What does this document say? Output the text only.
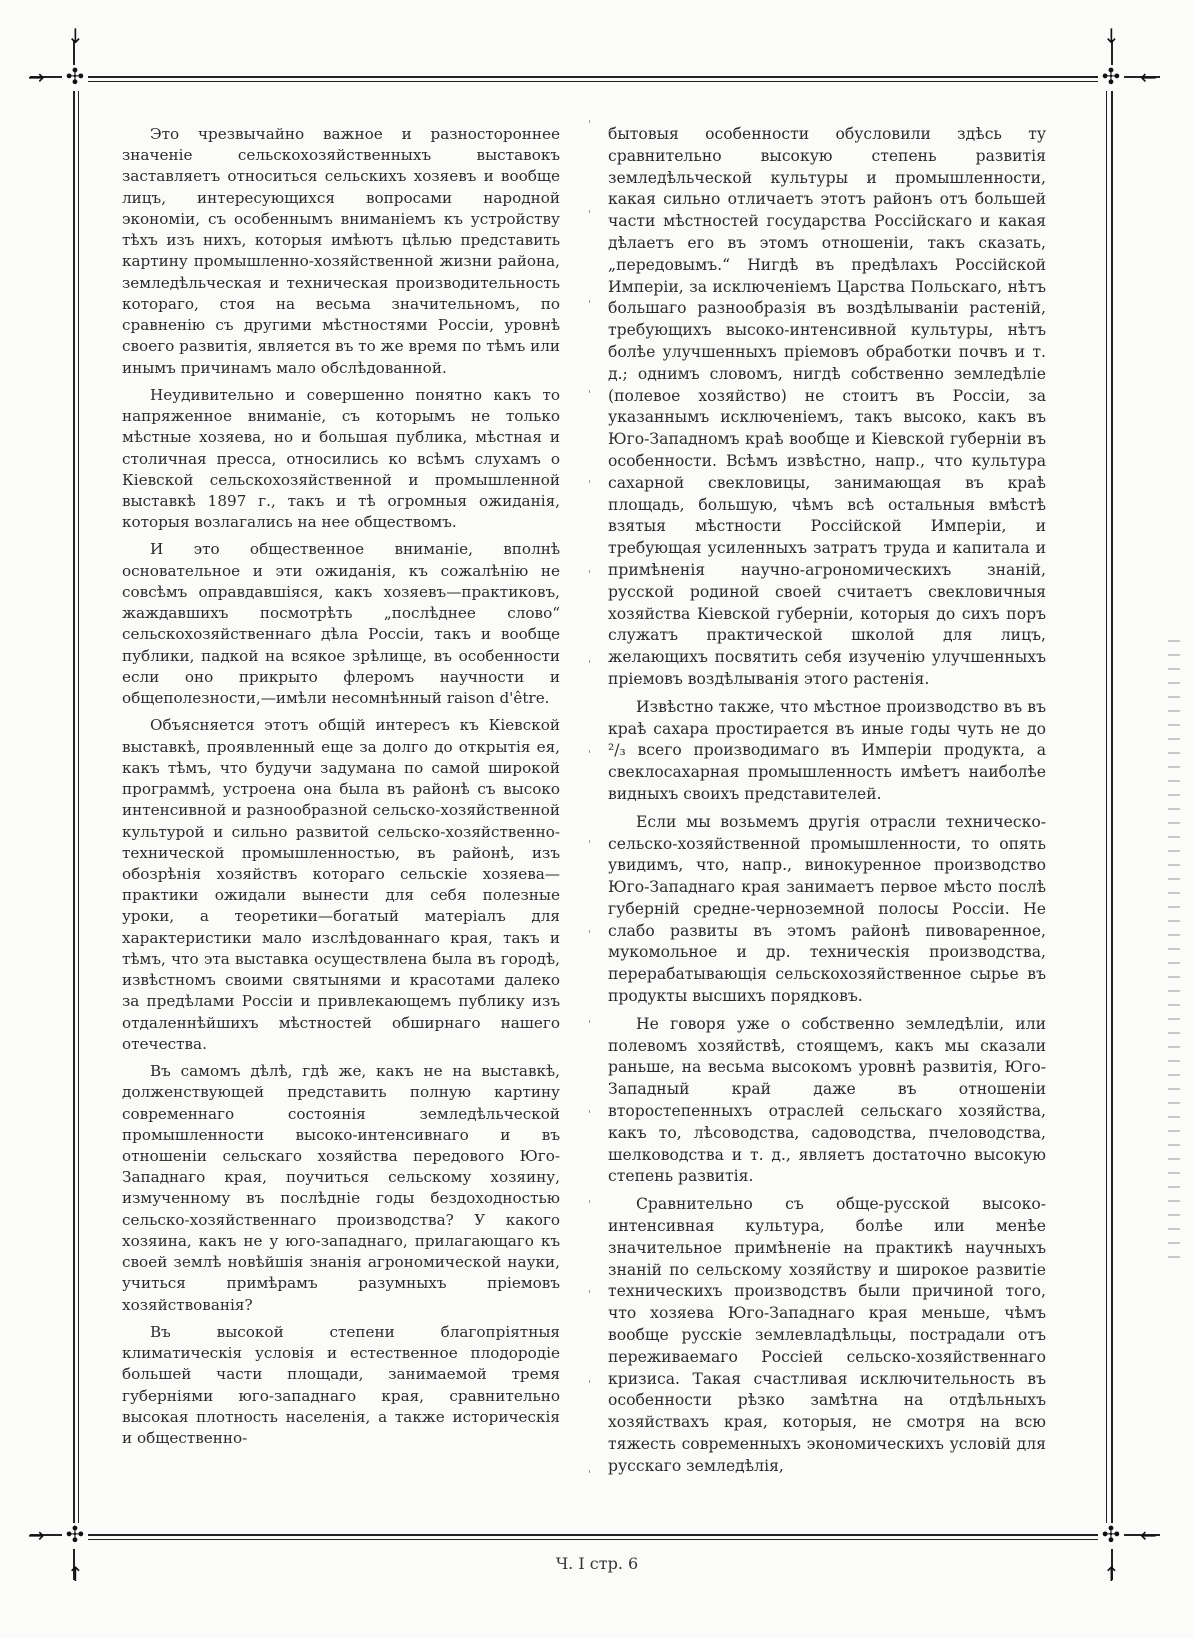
✣	✣
✣	✣
↓	↓
↑	↑
→	←
→	←

Это чрезвычайно важное и разностороннее значеніе сельскохозяйственныхъ выставокъ заставляетъ относиться сельскихъ хозяевъ и вообще лицъ, интересующихся вопросами народной экономіи, съ особеннымъ вниманіемъ къ устройству тѣхъ изъ нихъ, которыя имѣютъ цѣлью представить картину промышленно-хозяйственной жизни района, земледѣльческая и техническая производительность котораго, стоя на весьма значительномъ, по сравненію съ другими мѣстностями Россіи, уровнѣ своего развитія, является въ то же время по тѣмъ или инымъ причинамъ мало обслѣдованной.

Неудивительно и совершенно понятно какъ то напряженное вниманіе, съ которымъ не только мѣстные хозяева, но и большая публика, мѣстная и столичная пресса, относились ко всѣмъ слухамъ о Кіевской сельскохозяйственной и промышленной выставкѣ 1897 г., такъ и тѣ огромныя ожиданія, которыя возлагались на нее обществомъ.

И это общественное вниманіе, вполнѣ основательное и эти ожиданія, къ сожалѣнію не совсѣмъ оправдавшіяся, какъ хозяевъ—практиковъ, жаждавшихъ посмотрѣть „послѣднее слово“ сельскохозяйственнаго дѣла Россіи, такъ и вообще публики, падкой на всякое зрѣлище, въ особенности если оно прикрыто флеромъ научности и общеполезности,—имѣли несомнѣнный raison d'être.

Объясняется этотъ общій интересъ къ Кіевской выставкѣ, проявленный еще за долго до открытія ея, какъ тѣмъ, что будучи задумана по самой широкой программѣ, устроена она была въ районѣ съ высоко интенсивной и разнообразной сельско-хозяйственной культурой и сильно развитой сельско-хозяйственно-технической промышленностью, въ районѣ, изъ обозрѣнія хозяйствъ котораго сельскіе хозяева—практики ожидали вынести для себя полезные уроки, а теоретики—богатый матеріалъ для характеристики мало изслѣдованнаго края, такъ и тѣмъ, что эта выставка осуществлена была въ городѣ, извѣстномъ своими святынями и красотами далеко за предѣлами Россіи и привлекающемъ публику изъ отдаленнѣйшихъ мѣстностей обширнаго нашего отечества.

Въ самомъ дѣлѣ, гдѣ же, какъ не на выставкѣ, долженствующей представить полную картину современнаго состоянія земледѣльческой промышленности высоко-интенсивнаго и въ отношеніи сельскаго хозяйства передового Юго-Западнаго края, поучиться сельскому хозяину, измученному въ послѣдніе годы бездоходностью сельско-хозяйственнаго производства? У какого хозяина, какъ не у юго-западнаго, прилагающаго къ своей землѣ новѣйшія знанія агрономической науки, учиться примѣрамъ разумныхъ пріемовъ хозяйствованія?

Въ высокой степени благопріятныя климатическія условія и естественное плодородіе большей части площади, занимаемой тремя губерніями юго-западнаго края, сравнительно высокая плотность населенія, а также историческія и общественно-

бытовыя особенности обусловили здѣсь ту сравнительно высокую степень развитія земледѣльческой культуры и промышленности, какая сильно отличаетъ этотъ районъ отъ большей части мѣстностей государства Россійскаго и какая дѣлаетъ его въ этомъ отношеніи, такъ сказать, „передовымъ.“ Нигдѣ въ предѣлахъ Россійской Имперіи, за исключеніемъ Царства Польскаго, нѣтъ большаго разнообразія въ воздѣлываніи растеній, требующихъ высоко-интенсивной культуры, нѣтъ болѣе улучшенныхъ пріемовъ обработки почвъ и т. д.; однимъ словомъ, нигдѣ собственно земледѣліе (полевое хозяйство) не стоитъ въ Россіи, за указаннымъ исключеніемъ, такъ высоко, какъ въ Юго-Западномъ краѣ вообще и Кіевской губерніи въ особенности. Всѣмъ извѣстно, напр., что культура сахарной свекловицы, занимающая въ краѣ площадь, большую, чѣмъ всѣ остальныя вмѣстѣ взятыя мѣстности Россійской Имперіи, и требующая усиленныхъ затратъ труда и капитала и примѣненія научно-агрономическихъ знаній, русской родиной своей считаетъ свекловичныя хозяйства Кіевской губерніи, которыя до сихъ поръ служатъ практической школой для лицъ, желающихъ посвятить себя изученію улучшенныхъ пріемовъ воздѣлыванія этого растенія.

Извѣстно также, что мѣстное производство въ въ краѣ сахара простирается въ иные годы чуть не до ²/₃ всего производимаго въ Имперіи продукта, а свеклосахарная промышленность имѣетъ наиболѣе видныхъ своихъ представителей.

Если мы возьмемъ другія отрасли техническо-сельско-хозяйственной промышленности, то опять увидимъ, что, напр., винокуренное производство Юго-Западнаго края занимаетъ первое мѣсто послѣ губерній средне-черноземной полосы Россіи. Не слабо развиты въ этомъ районѣ пивоваренное, мукомольное и др. техническія производства, перерабатывающія сельскохозяйственное сырье въ продукты высшихъ порядковъ.

Не говоря уже о собственно земледѣліи, или полевомъ хозяйствѣ, стоящемъ, какъ мы сказали раньше, на весьма высокомъ уровнѣ развитія, Юго-Западный край даже въ отношеніи второстепенныхъ отраслей сельскаго хозяйства, какъ то, лѣсоводства, садоводства, пчеловодства, шелководства и т. д., являетъ достаточно высокую степень развитія.

Сравнительно съ обще-русской высоко-интенсивная культура, болѣе или менѣе значительное примѣненіе на практикѣ научныхъ знаній по сельскому хозяйству и широкое развитіе техническихъ производствъ были причиной того, что хозяева Юго-Западнаго края меньше, чѣмъ вообще русскіе землевладѣльцы, пострадали отъ переживаемаго Россіей сельско-хозяйственнаго кризиса. Такая счастливая исключительность въ особенности рѣзко замѣтна на отдѣльныхъ хозяйствахъ края, которыя, не смотря на всю тяжесть современныхъ экономическихъ условій для русскаго земледѣлія,

Ч. I стр. 6
